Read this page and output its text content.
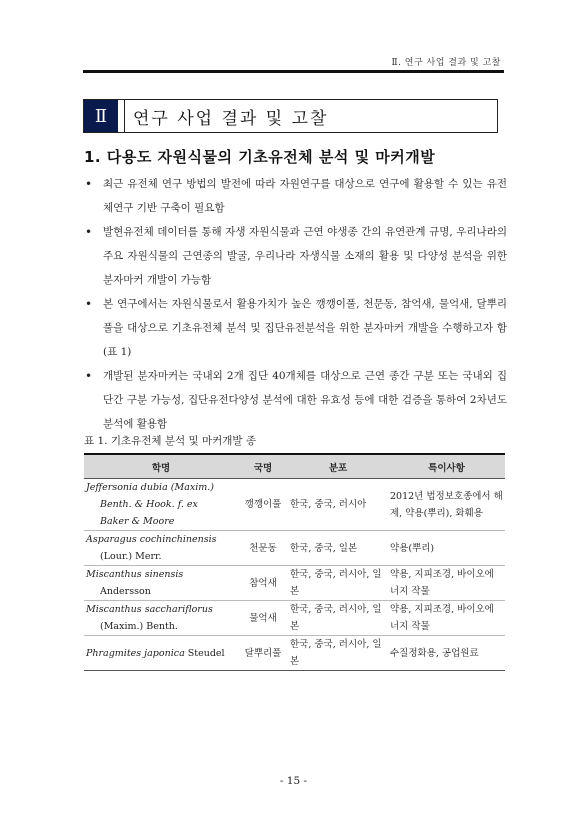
Ⅱ. 연구 사업 결과 및 고찰
Ⅱ	연구 사업 결과 및 고찰
1. 다용도 자원식물의 기초유전체 분석 및 마커개발
• 최근 유전체 연구 방법의 발전에 따라 자원연구를 대상으로 연구에 활용할 수 있는 유전체연구 기반 구축이 필요함
• 발현유전체 데이터를 통해 자생 자원식물과 근연 야생종 간의 유연관계 규명, 우리나라의 주요 자원식물의 근연종의 발굴, 우리나라 자생식물 소재의 활용 및 다양성 분석을 위한 분자마커 개발이 가능함
• 본 연구에서는 자원식물로서 활용가치가 높은 깽깽이풀, 천문동, 참억새, 물억새, 달뿌리풀을 대상으로 기초유전체 분석 및 집단유전분석을 위한 분자마커 개발을 수행하고자 함(표 1)
• 개발된 분자마커는 국내외 2개 집단 40개체를 대상으로 근연 종간 구분 또는 국내외 집단간 구분 가능성, 집단유전다양성 분석에 대한 유효성 등에 대한 검증을 통하여 2차년도 분석에 활용함
표 1. 기초유전체 분석 및 마커개발 종
학명	국명	분포	특이사항
Jeffersonia dubia (Maxim.)
Benth. & Hook. f. ex
Baker & Moore	깽깽이풀	한국, 중국, 러시아	2012년 법정보호종에서 해제, 약용(뿌리), 화훼용
Asparagus cochinchinensis
(Lour.) Merr.	천문동	한국, 중국, 일본	약용(뿌리)
Miscanthus sinensis
Andersson	참억새	한국, 중국, 러시아, 일본	약용, 지피조경, 바이오에너지 작물
Miscanthus sacchariflorus
(Maxim.) Benth.	물억새	한국, 중국, 러시아, 일본	약용, 지피조경, 바이오에너지 작물
Phragmites japonica Steudel	달뿌리풀	한국, 중국, 러시아, 일본	수질정화용, 공업원료
- 15 -
